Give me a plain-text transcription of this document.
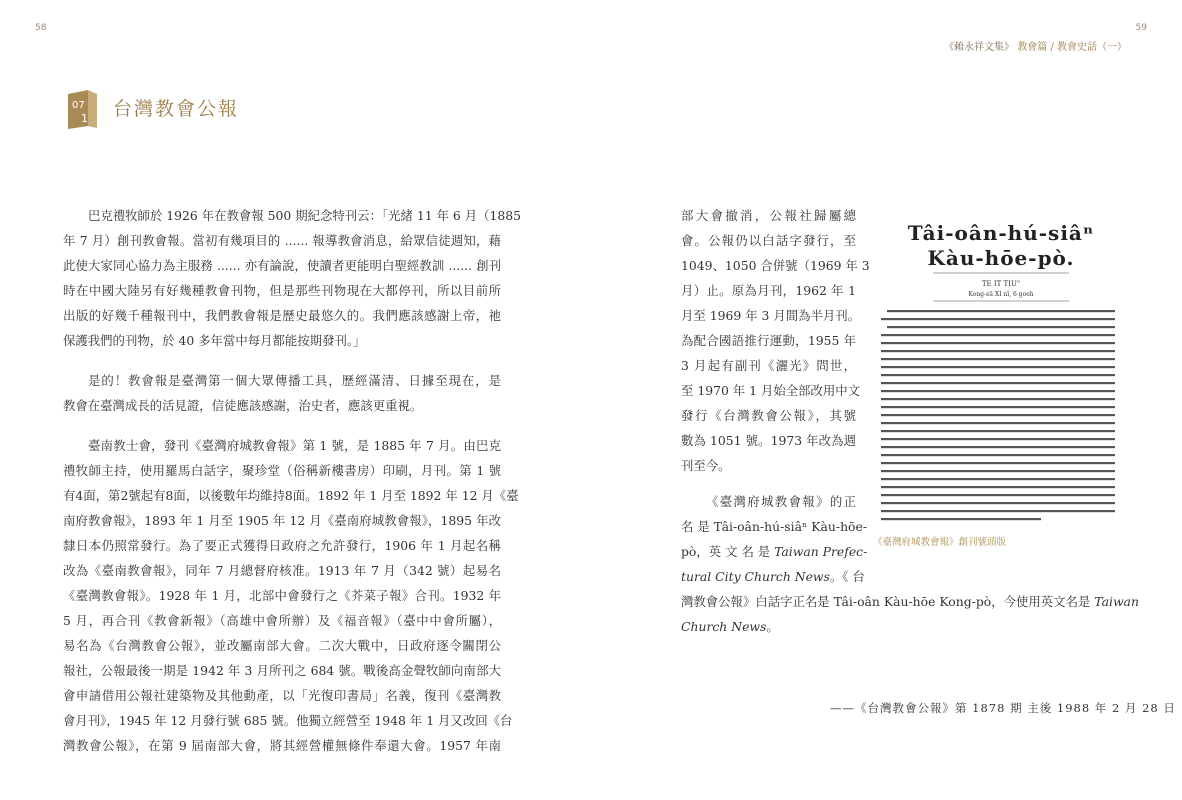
58	59
《賴永祥文集》 教會篇 / 教會史話（一）
07
1 台灣教會公報
巴克禮牧師於 1926 年在教會報 500 期紀念特刊云：「光緒 11 年 6 月（1885
年 7 月）創刊教會報。當初有幾項目的 ...... 報導教會消息，給眾信徒週知，藉
此使大家同心協力為主服務 ...... 亦有論說，使讀者更能明白聖經教訓 ...... 創刊
時在中國大陸另有好幾種教會刊物，但是那些刊物現在大都停刊，所以目前所
出版的好幾千種報刊中，我們教會報是歷史最悠久的。我們應該感謝上帝，祂
保護我們的刊物，於 40 多年當中每月都能按期發刊。」
是的！教會報是臺灣第一個大眾傳播工具，歷經滿清、日據至現在，是
教會在臺灣成長的活見證，信徒應該感謝，治史者，應該更重視。
臺南教士會，發刊《臺灣府城教會報》第 1 號，是 1885 年 7 月。由巴克
禮牧師主持，使用羅馬白話字，聚珍堂（俗稱新樓書房）印刷，月刊。第 1 號
有4面，第2號起有8面，以後數年均維持8面。1892 年 1 月至 1892 年 12 月《臺
南府教會報》，1893 年 1 月至 1905 年 12 月《臺南府城教會報》，1895 年改
隸日本仍照常發行。為了要正式獲得日政府之允許發行，1906 年 1 月起名稱
改為《臺南教會報》，同年 7 月總督府核准。1913 年 7 月（342 號）起易名
《臺灣教會報》。1928 年 1 月，北部中會發行之《芥菜子報》合刊。1932 年
5 月，再合刊《教會新報》（高雄中會所辦）及《福音報》（臺中中會所屬），
易名為《台灣教會公報》，並改屬南部大會。二次大戰中，日政府逐令關閉公
報社，公報最後一期是 1942 年 3 月所刊之 684 號。戰後高金聲牧師向南部大
會申請借用公報社建築物及其他動產，以「光復印書局」名義，復刊《臺灣教
會月刊》，1945 年 12 月發行號 685 號。他獨立經營至 1948 年 1 月又改回《台
灣教會公報》，在第 9 屆南部大會，將其經營權無條件奉還大會。1957 年南
部大會撤消，公報社歸屬總
會。公報仍以白話字發行，至
1049、1050 合併號（1969 年 3
月）止。原為月刊，1962 年 1
月至 1969 年 3 月間為半月刊。
為配合國語推行運動，1955 年
3 月起有副刊《灑光》問世，
至 1970 年 1 月始全部改用中文
發行《台灣教會公報》，其號
數為 1051 號。1973 年改為週
刊至今。
《臺灣府城教會報》的正
名 是 Tâi-oân-hú-siâⁿ Kàu-hōe-
pò，英 文 名 是 Taiwan Prefec-
tural City Church News。《 台
灣教會公報》白話字正名是 Tâi-oân Kàu-hōe Kong-pò，今使用英文名是 Taiwan
Church News。
Tâi-oân-hú-siâⁿ
Kàu-hōe-pò.
TE IT TIU"
Kong-sū XI nî, 6 goeh
《臺灣府城教會報》創刊號頭版
——《台灣教會公報》第 1878 期 主後 1988 年 2 月 28 日
